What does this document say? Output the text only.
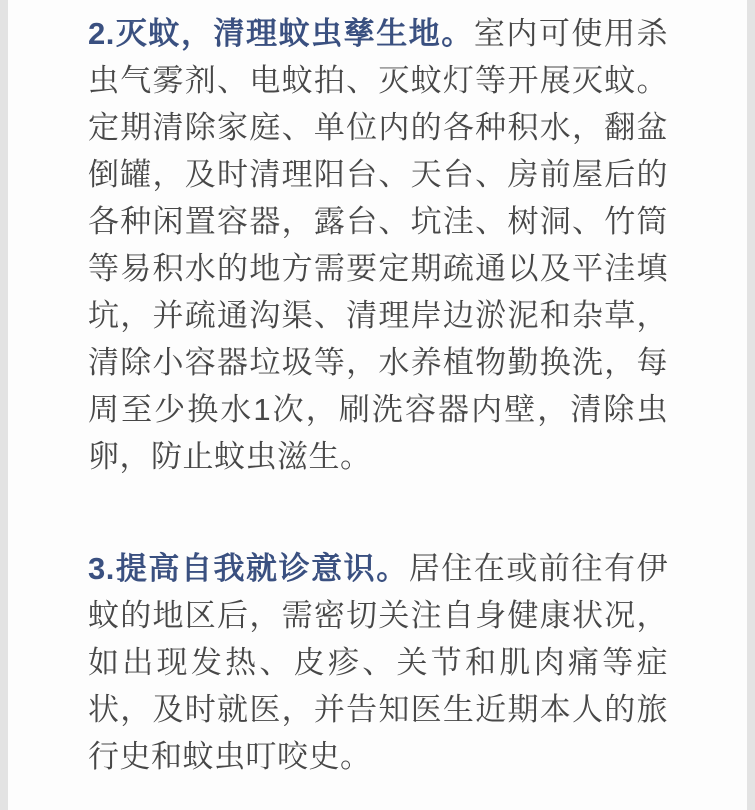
2.灭蚊，清理蚊虫孳生地。室内可使用杀虫气雾剂、电蚊拍、灭蚊灯等开展灭蚊。定期清除家庭、单位内的各种积水，翻盆倒罐，及时清理阳台、天台、房前屋后的各种闲置容器，露台、坑洼、树洞、竹筒等易积水的地方需要定期疏通以及平洼填坑，并疏通沟渠、清理岸边淤泥和杂草，清除小容器垃圾等，水养植物勤换洗，每周至少换水1次，刷洗容器内壁，清除虫卵，防止蚊虫滋生。

3.提高自我就诊意识。居住在或前往有伊蚊的地区后，需密切关注自身健康状况，如出现发热、皮疹、关节和肌肉痛等症状，及时就医，并告知医生近期本人的旅行史和蚊虫叮咬史。
